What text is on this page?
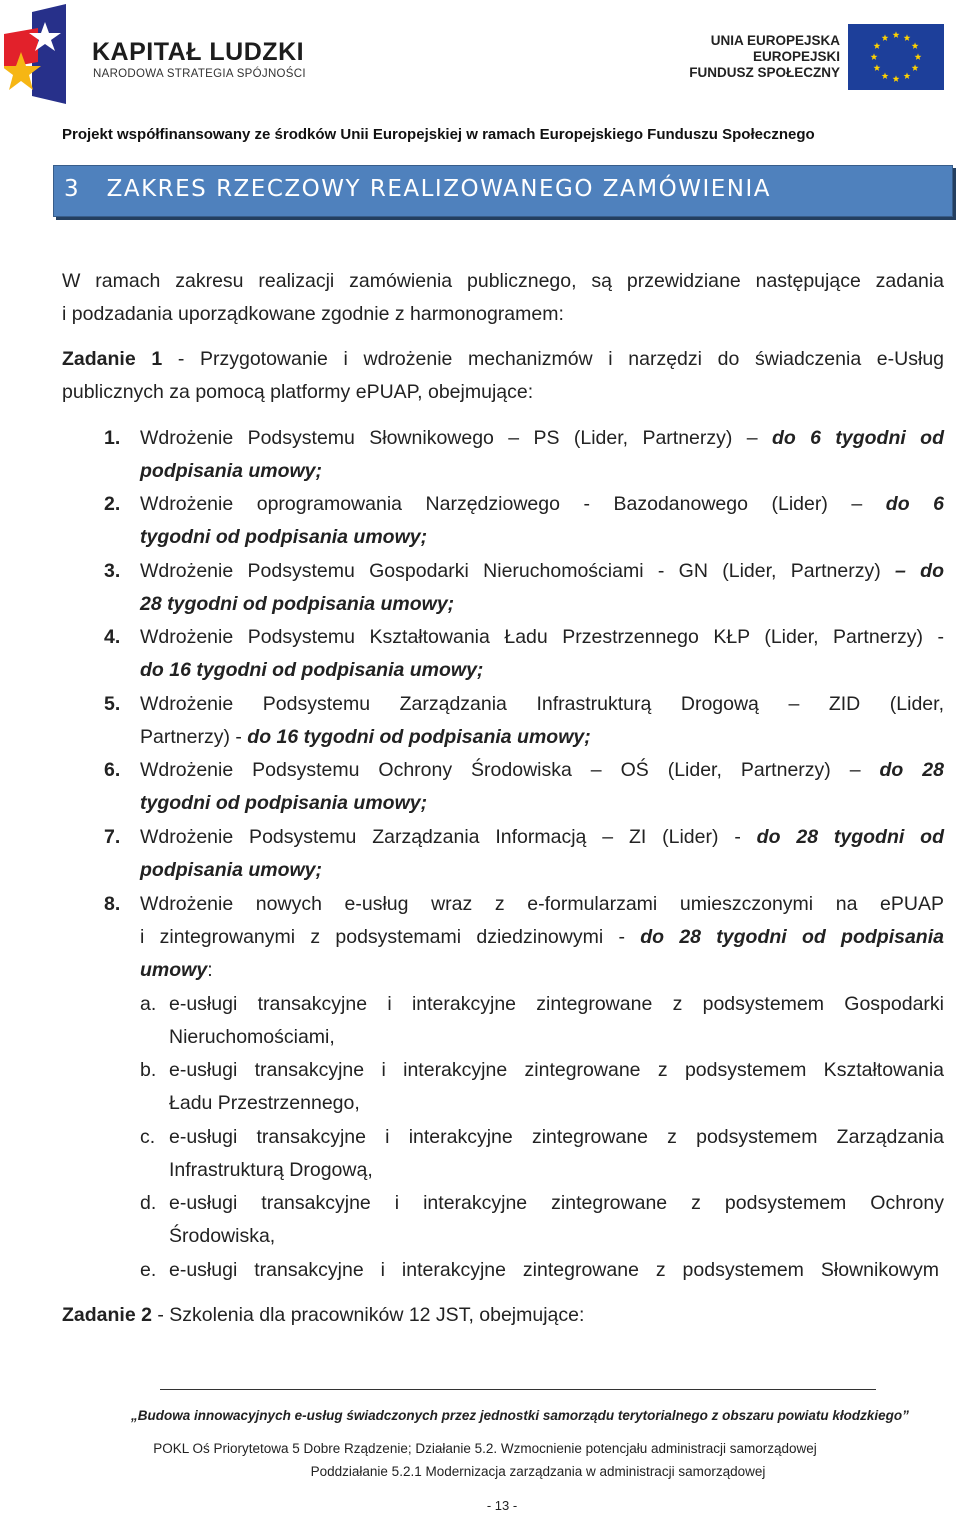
KAPITAŁ LUDZKI
NARODOWA STRATEGIA SPÓJNOŚCI
UNIA EUROPEJSKA
EUROPEJSKI
FUNDUSZ SPOŁECZNY
Projekt współfinansowany ze środków Unii Europejskiej w ramach Europejskiego Funduszu Społecznego
3 ZAKRES RZECZOWY REALIZOWANEGO ZAMÓWIENIA
W ramach zakresu realizacji zamówienia publicznego, są przewidziane następujące zadania
i podzadania uporządkowane zgodnie z harmonogramem:
Zadanie 1 - Przygotowanie i wdrożenie mechanizmów i narzędzi do świadczenia e-Usług
publicznych za pomocą platformy ePUAP, obejmujące:
1.	Wdrożenie Podsystemu Słownikowego – PS (Lider, Partnerzy) – do 6 tygodni od
podpisania umowy;
2.	Wdrożenie oprogramowania Narzędziowego - Bazodanowego (Lider) – do 6
tygodni od podpisania umowy;
3.	Wdrożenie Podsystemu Gospodarki Nieruchomościami - GN (Lider, Partnerzy) – do
28 tygodni od podpisania umowy;
4.	Wdrożenie Podsystemu Kształtowania Ładu Przestrzennego KŁP (Lider, Partnerzy) -
do 16 tygodni od podpisania umowy;
5.	Wdrożenie Podsystemu Zarządzania Infrastrukturą Drogową – ZID (Lider,
Partnerzy) - do 16 tygodni od podpisania umowy;
6.	Wdrożenie Podsystemu Ochrony Środowiska – OŚ (Lider, Partnerzy) – do 28
tygodni od podpisania umowy;
7.	Wdrożenie Podsystemu Zarządzania Informacją – ZI (Lider) - do 28 tygodni od
podpisania umowy;
8.	Wdrożenie nowych e-usług wraz z e-formularzami umieszczonymi na ePUAP
i zintegrowanymi z podsystemami dziedzinowymi - do 28 tygodni od podpisania
umowy:
a. e-usługi transakcyjne i interakcyjne zintegrowane z podsystemem Gospodarki
Nieruchomościami,
b. e-usługi transakcyjne i interakcyjne zintegrowane z podsystemem Kształtowania
Ładu Przestrzennego,
c. e-usługi transakcyjne i interakcyjne zintegrowane z podsystemem Zarządzania
Infrastrukturą Drogową,
d. e-usługi transakcyjne i interakcyjne zintegrowane z podsystemem Ochrony
Środowiska,
e. e-usługi transakcyjne i interakcyjne zintegrowane z podsystemem Słownikowym
Zadanie 2 - Szkolenia dla pracowników 12 JST, obejmujące:
„Budowa innowacyjnych e-usług świadczonych przez jednostki samorządu terytorialnego z obszaru powiatu kłodzkiego”
POKL Oś Priorytetowa 5 Dobre Rządzenie; Działanie 5.2. Wzmocnienie potencjału administracji samorządowej
Poddziałanie 5.2.1 Modernizacja zarządzania w administracji samorządowej
- 13 -
